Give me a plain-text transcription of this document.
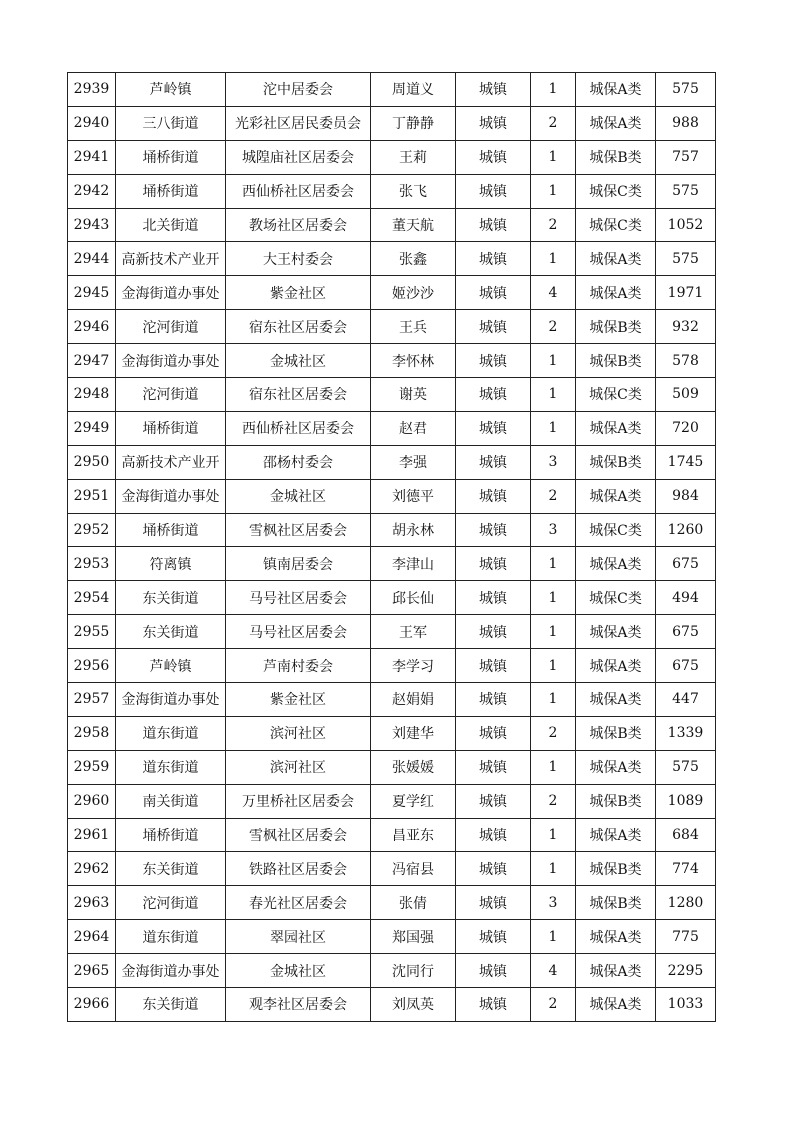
2939	芦岭镇	沱中居委会	周道义	城镇	1	城保A类	575
2940	三八街道	光彩社区居民委员会	丁静静	城镇	2	城保A类	988
2941	埇桥街道	城隍庙社区居委会	王莉	城镇	1	城保B类	757
2942	埇桥街道	西仙桥社区居委会	张飞	城镇	1	城保C类	575
2943	北关街道	教场社区居委会	董天航	城镇	2	城保C类	1052
2944	高新技术产业开	大王村委会	张鑫	城镇	1	城保A类	575
2945	金海街道办事处	紫金社区	姬沙沙	城镇	4	城保A类	1971
2946	沱河街道	宿东社区居委会	王兵	城镇	2	城保B类	932
2947	金海街道办事处	金城社区	李怀林	城镇	1	城保B类	578
2948	沱河街道	宿东社区居委会	谢英	城镇	1	城保C类	509
2949	埇桥街道	西仙桥社区居委会	赵君	城镇	1	城保A类	720
2950	高新技术产业开	邵杨村委会	李强	城镇	3	城保B类	1745
2951	金海街道办事处	金城社区	刘德平	城镇	2	城保A类	984
2952	埇桥街道	雪枫社区居委会	胡永林	城镇	3	城保C类	1260
2953	符离镇	镇南居委会	李津山	城镇	1	城保A类	675
2954	东关街道	马号社区居委会	邱长仙	城镇	1	城保C类	494
2955	东关街道	马号社区居委会	王军	城镇	1	城保A类	675
2956	芦岭镇	芦南村委会	李学习	城镇	1	城保A类	675
2957	金海街道办事处	紫金社区	赵娟娟	城镇	1	城保A类	447
2958	道东街道	滨河社区	刘建华	城镇	2	城保B类	1339
2959	道东街道	滨河社区	张媛媛	城镇	1	城保A类	575
2960	南关街道	万里桥社区居委会	夏学红	城镇	2	城保B类	1089
2961	埇桥街道	雪枫社区居委会	昌亚东	城镇	1	城保A类	684
2962	东关街道	铁路社区居委会	冯宿县	城镇	1	城保B类	774
2963	沱河街道	春光社区居委会	张倩	城镇	3	城保B类	1280
2964	道东街道	翠园社区	郑国强	城镇	1	城保A类	775
2965	金海街道办事处	金城社区	沈同行	城镇	4	城保A类	2295
2966	东关街道	观李社区居委会	刘凤英	城镇	2	城保A类	1033
